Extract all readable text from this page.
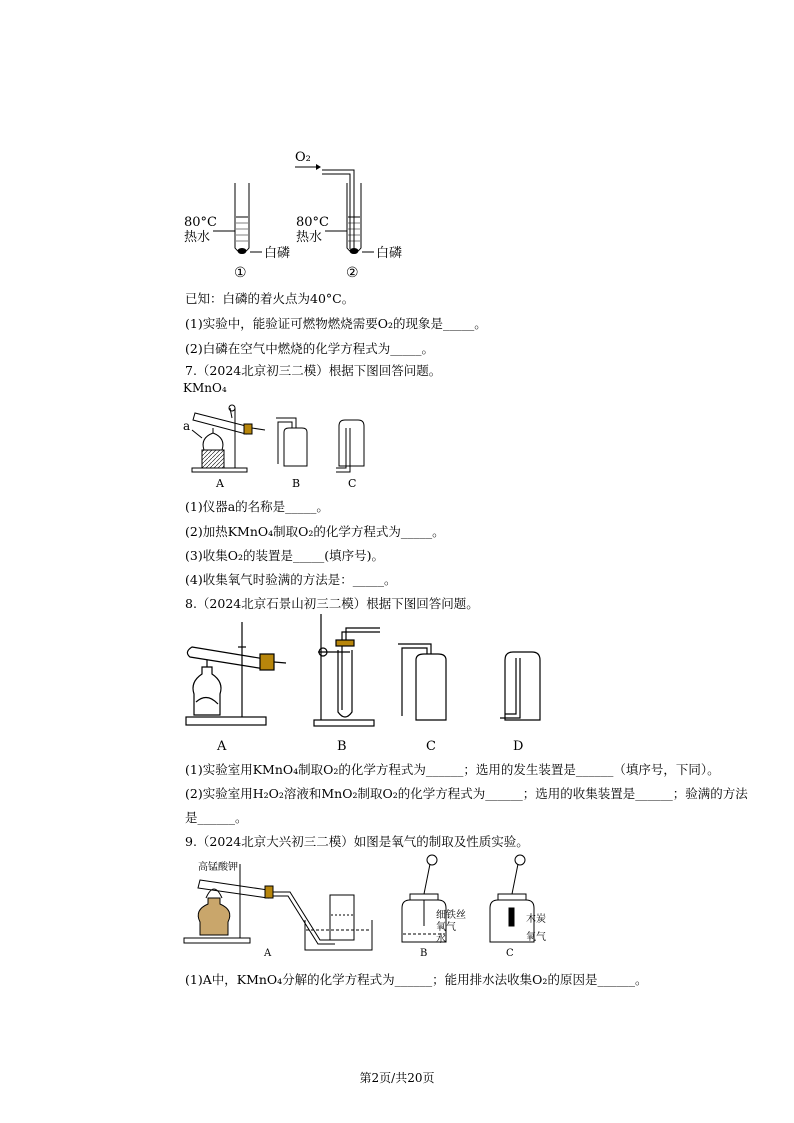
O₂
80°C
热水
白磷
①
80°C
热水
白磷
②
已知：白磷的着火点为40°C。
(1)实验中，能验证可燃物燃烧需要O₂的现象是_____。
(2)白磷在空气中燃烧的化学方程式为_____。
7.（2024北京初三二模）根据下图回答问题。
KMnO₄
a
A	B	C
(1)仪器a的名称是_____。
(2)加热KMnO₄制取O₂的化学方程式为_____。
(3)收集O₂的装置是_____(填序号)。
(4)收集氧气时验满的方法是：_____。
8.（2024北京石景山初三二模）根据下图回答问题。
A	B	C	D
(1)实验室用KMnO₄制取O₂的化学方程式为______；选用的发生装置是______（填序号，下同）。
(2)实验室用H₂O₂溶液和MnO₂制取O₂的化学方程式为______；选用的收集装置是______；验满的方法
是______。
9.（2024北京大兴初三二模）如图是氧气的制取及性质实验。
高锰酸钾
A	B	C
细铁丝
氧气
水
木炭
氧气
(1)A中，KMnO₄分解的化学方程式为______；能用排水法收集O₂的原因是______。
第2页/共20页
